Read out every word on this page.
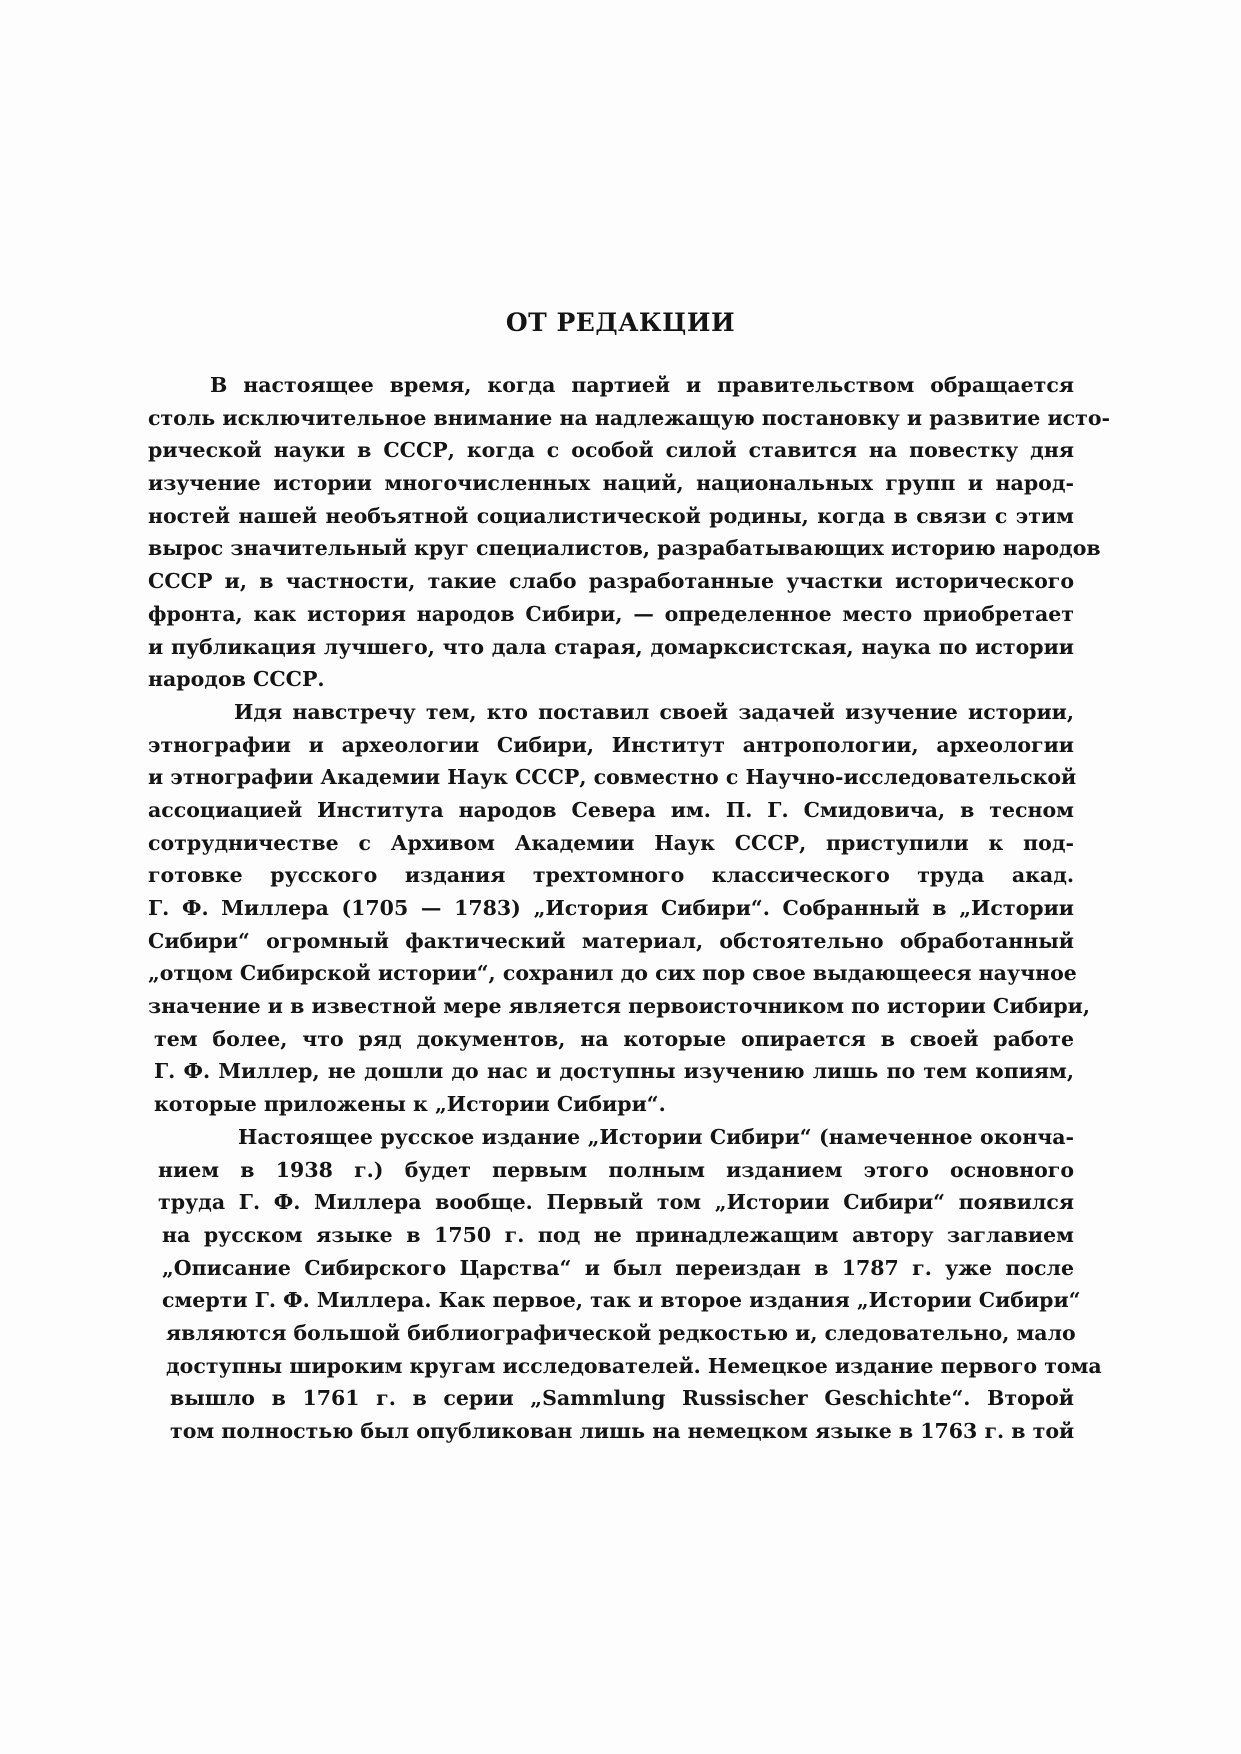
ОТ РЕДАКЦИИ
В настоящее время, когда партией и правительством обращается
столь исключительное внимание на надлежащую постановку и развитие исто-
рической науки в СССР, когда с особой силой ставится на повестку дня
изучение истории многочисленных наций, национальных групп и народ-
ностей нашей необъятной социалистической родины, когда в связи с этим
вырос значительный круг специалистов, разрабатывающих историю народов
СССР и, в частности, такие слабо разработанные участки исторического
фронта, как история народов Сибири, — определенное место приобретает
и публикация лучшего, что дала старая, домарксистская, наука по истории
народов СССР.
Идя навстречу тем, кто поставил своей задачей изучение истории,
этнографии и археологии Сибири, Институт антропологии, археологии
и этнографии Академии Наук СССР, совместно с Научно-исследовательской
ассоциацией Института народов Севера им. П. Г. Смидовича, в тесном
сотрудничестве с Архивом Академии Наук СССР, приступили к под-
готовке русского издания трехтомного классического труда акад.
Г. Ф. Миллера (1705 — 1783) „История Сибири“. Собранный в „Истории
Сибири“ огромный фактический материал, обстоятельно обработанный
„отцом Сибирской истории“, сохранил до сих пор свое выдающееся научное
значение и в известной мере является первоисточником по истории Сибири,
тем более, что ряд документов, на которые опирается в своей работе
Г. Ф. Миллер, не дошли до нас и доступны изучению лишь по тем копиям,
которые приложены к „Истории Сибири“.
Настоящее русское издание „Истории Сибири“ (намеченное оконча-
нием в 1938 г.) будет первым полным изданием этого основного
труда Г. Ф. Миллера вообще. Первый том „Истории Сибири“ появился
на русском языке в 1750 г. под не принадлежащим автору заглавием
„Описание Сибирского Царства“ и был переиздан в 1787 г. уже после
смерти Г. Ф. Миллера. Как первое, так и второе издания „Истории Сибири“
являются большой библиографической редкостью и, следовательно, мало
доступны широким кругам исследователей. Немецкое издание первого тома
вышло в 1761 г. в серии „Sammlung Russischer Geschichte“. Второй
том полностью был опубликован лишь на немецком языке в 1763 г. в той
